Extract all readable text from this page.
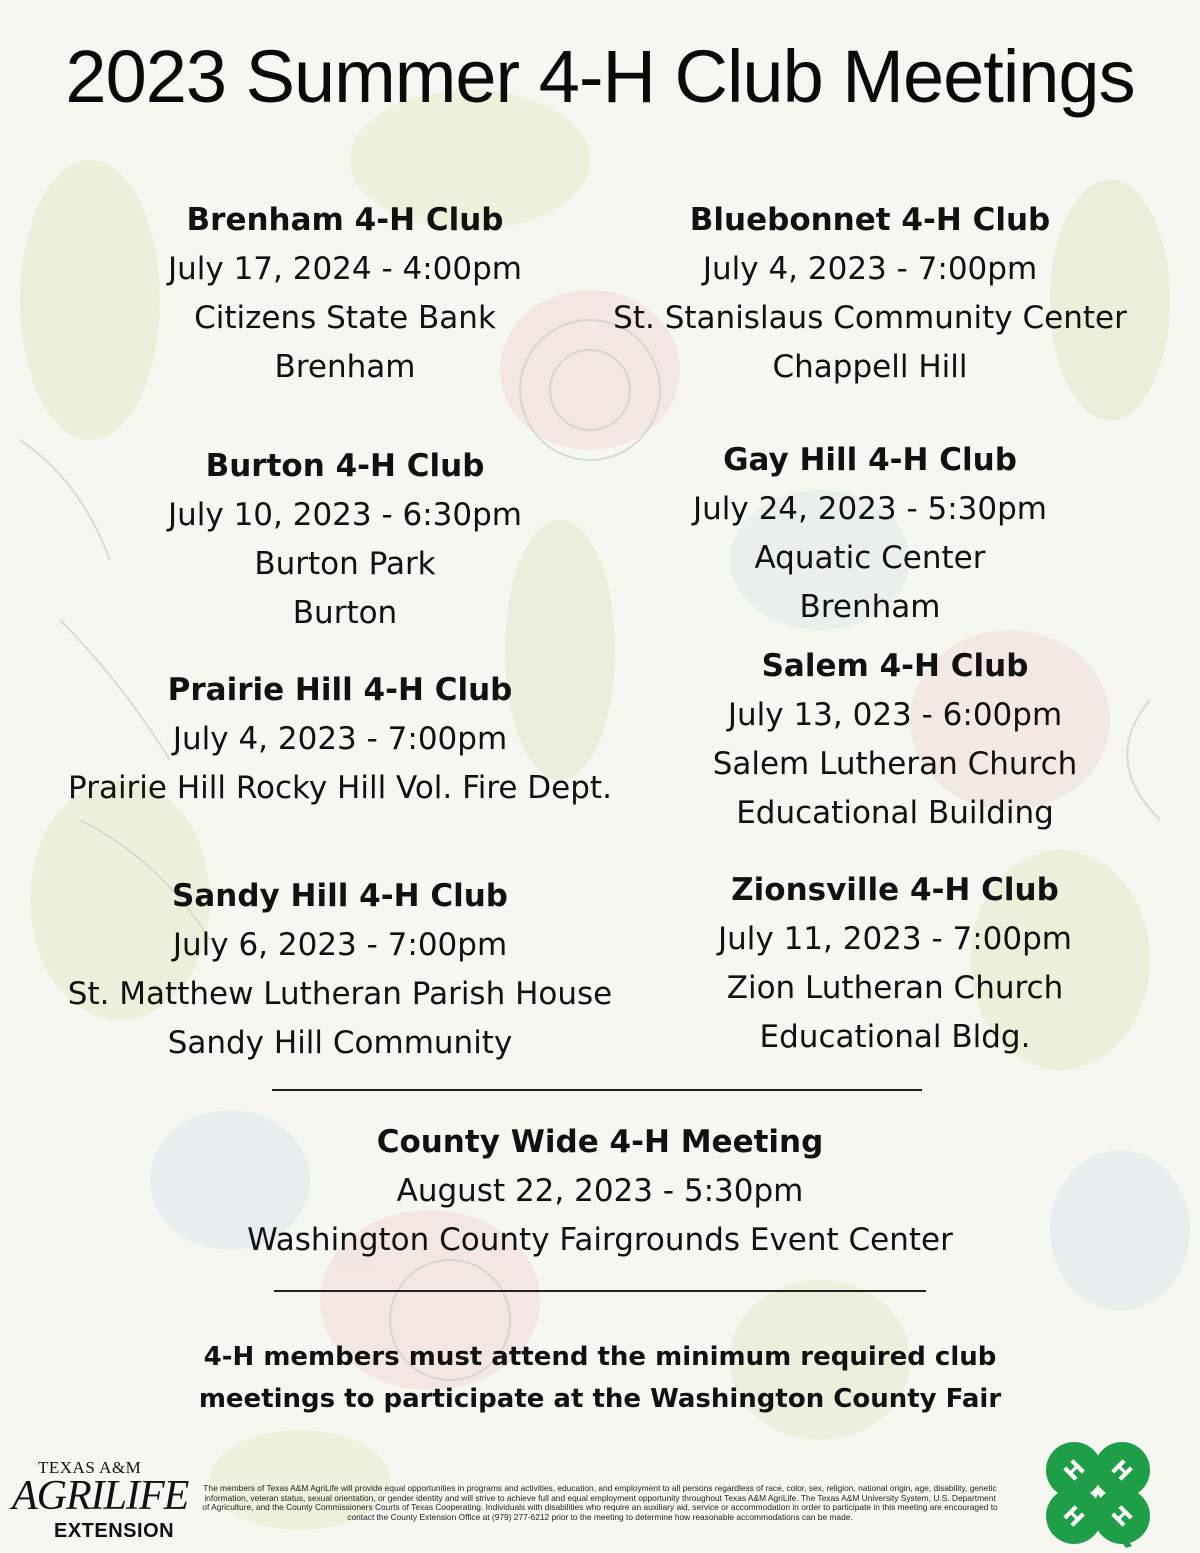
2023 Summer 4-H Club Meetings
Brenham 4-H Club
July 17, 2024 - 4:00pm
Citizens State Bank
Brenham
Bluebonnet 4-H Club
July 4, 2023 - 7:00pm
St. Stanislaus Community Center
Chappell Hill
Burton 4-H Club
July 10, 2023 - 6:30pm
Burton Park
Burton
Gay Hill 4-H Club
July 24, 2023 - 5:30pm
Aquatic Center
Brenham
Prairie Hill 4-H Club
July 4, 2023 - 7:00pm
Prairie Hill Rocky Hill Vol. Fire Dept.
Salem 4-H Club
July 13, 023 - 6:00pm
Salem Lutheran Church
Educational Building
Sandy Hill 4-H Club
July 6, 2023 - 7:00pm
St. Matthew Lutheran Parish House
Sandy Hill Community
Zionsville 4-H Club
July 11, 2023 - 7:00pm
Zion Lutheran Church
Educational Bldg.
County Wide 4-H Meeting
August 22, 2023 - 5:30pm
Washington County Fairgrounds Event Center
4-H members must attend the minimum required club
meetings to participate at the Washington County Fair
TEXAS A&M
AGRILIFE
EXTENSION
The members of Texas A&M AgriLife will provide equal opportunities in programs and activities, education, and employment to all persons regardless of race, color, sex, religion, national origin, age, disability, genetic information, veteran status, sexual orientation, or gender identity and will strive to achieve full and equal employment opportunity throughout Texas A&M AgriLife. The Texas A&M University System, U.S. Department of Agriculture, and the County Commissioners Courts of Texas Cooperating. Individuals with disabilities who require an auxiliary aid, service or accommodation in order to participate in this meeting are encouraged to contact the County Extension Office at (979) 277-6212 prior to the meeting to determine how reasonable accommodations can be made.
H H
H H
